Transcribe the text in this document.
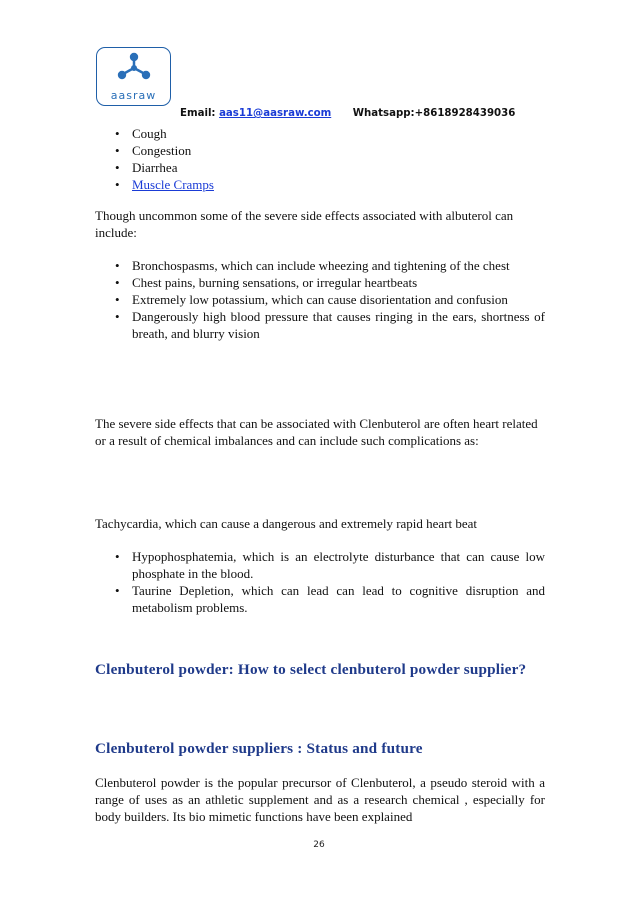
aasraw
Email: aas11@aasraw.com Whatsapp:+8618928439036
• Cough
• Congestion
• Diarrhea
• Muscle Cramps
Though uncommon some of the severe side effects associated with albuterol can include:
• Bronchospasms, which can include wheezing and tightening of the chest
• Chest pains, burning sensations, or irregular heartbeats
• Extremely low potassium, which can cause disorientation and confusion
• Dangerously high blood pressure that causes ringing in the ears, shortness of breath, and blurry vision
The severe side effects that can be associated with Clenbuterol are often heart related or a result of chemical imbalances and can include such complications as:
Tachycardia, which can cause a dangerous and extremely rapid heart beat
• Hypophosphatemia, which is an electrolyte disturbance that can cause low phosphate in the blood.
• Taurine Depletion, which can lead can lead to cognitive disruption and metabolism problems.
Clenbuterol powder: How to select clenbuterol powder supplier?
Clenbuterol powder suppliers : Status and future
Clenbuterol powder is the popular precursor of Clenbuterol, a pseudo steroid with a range of uses as an athletic supplement and as a research chemical , especially for body builders. Its bio mimetic functions have been explained
26
